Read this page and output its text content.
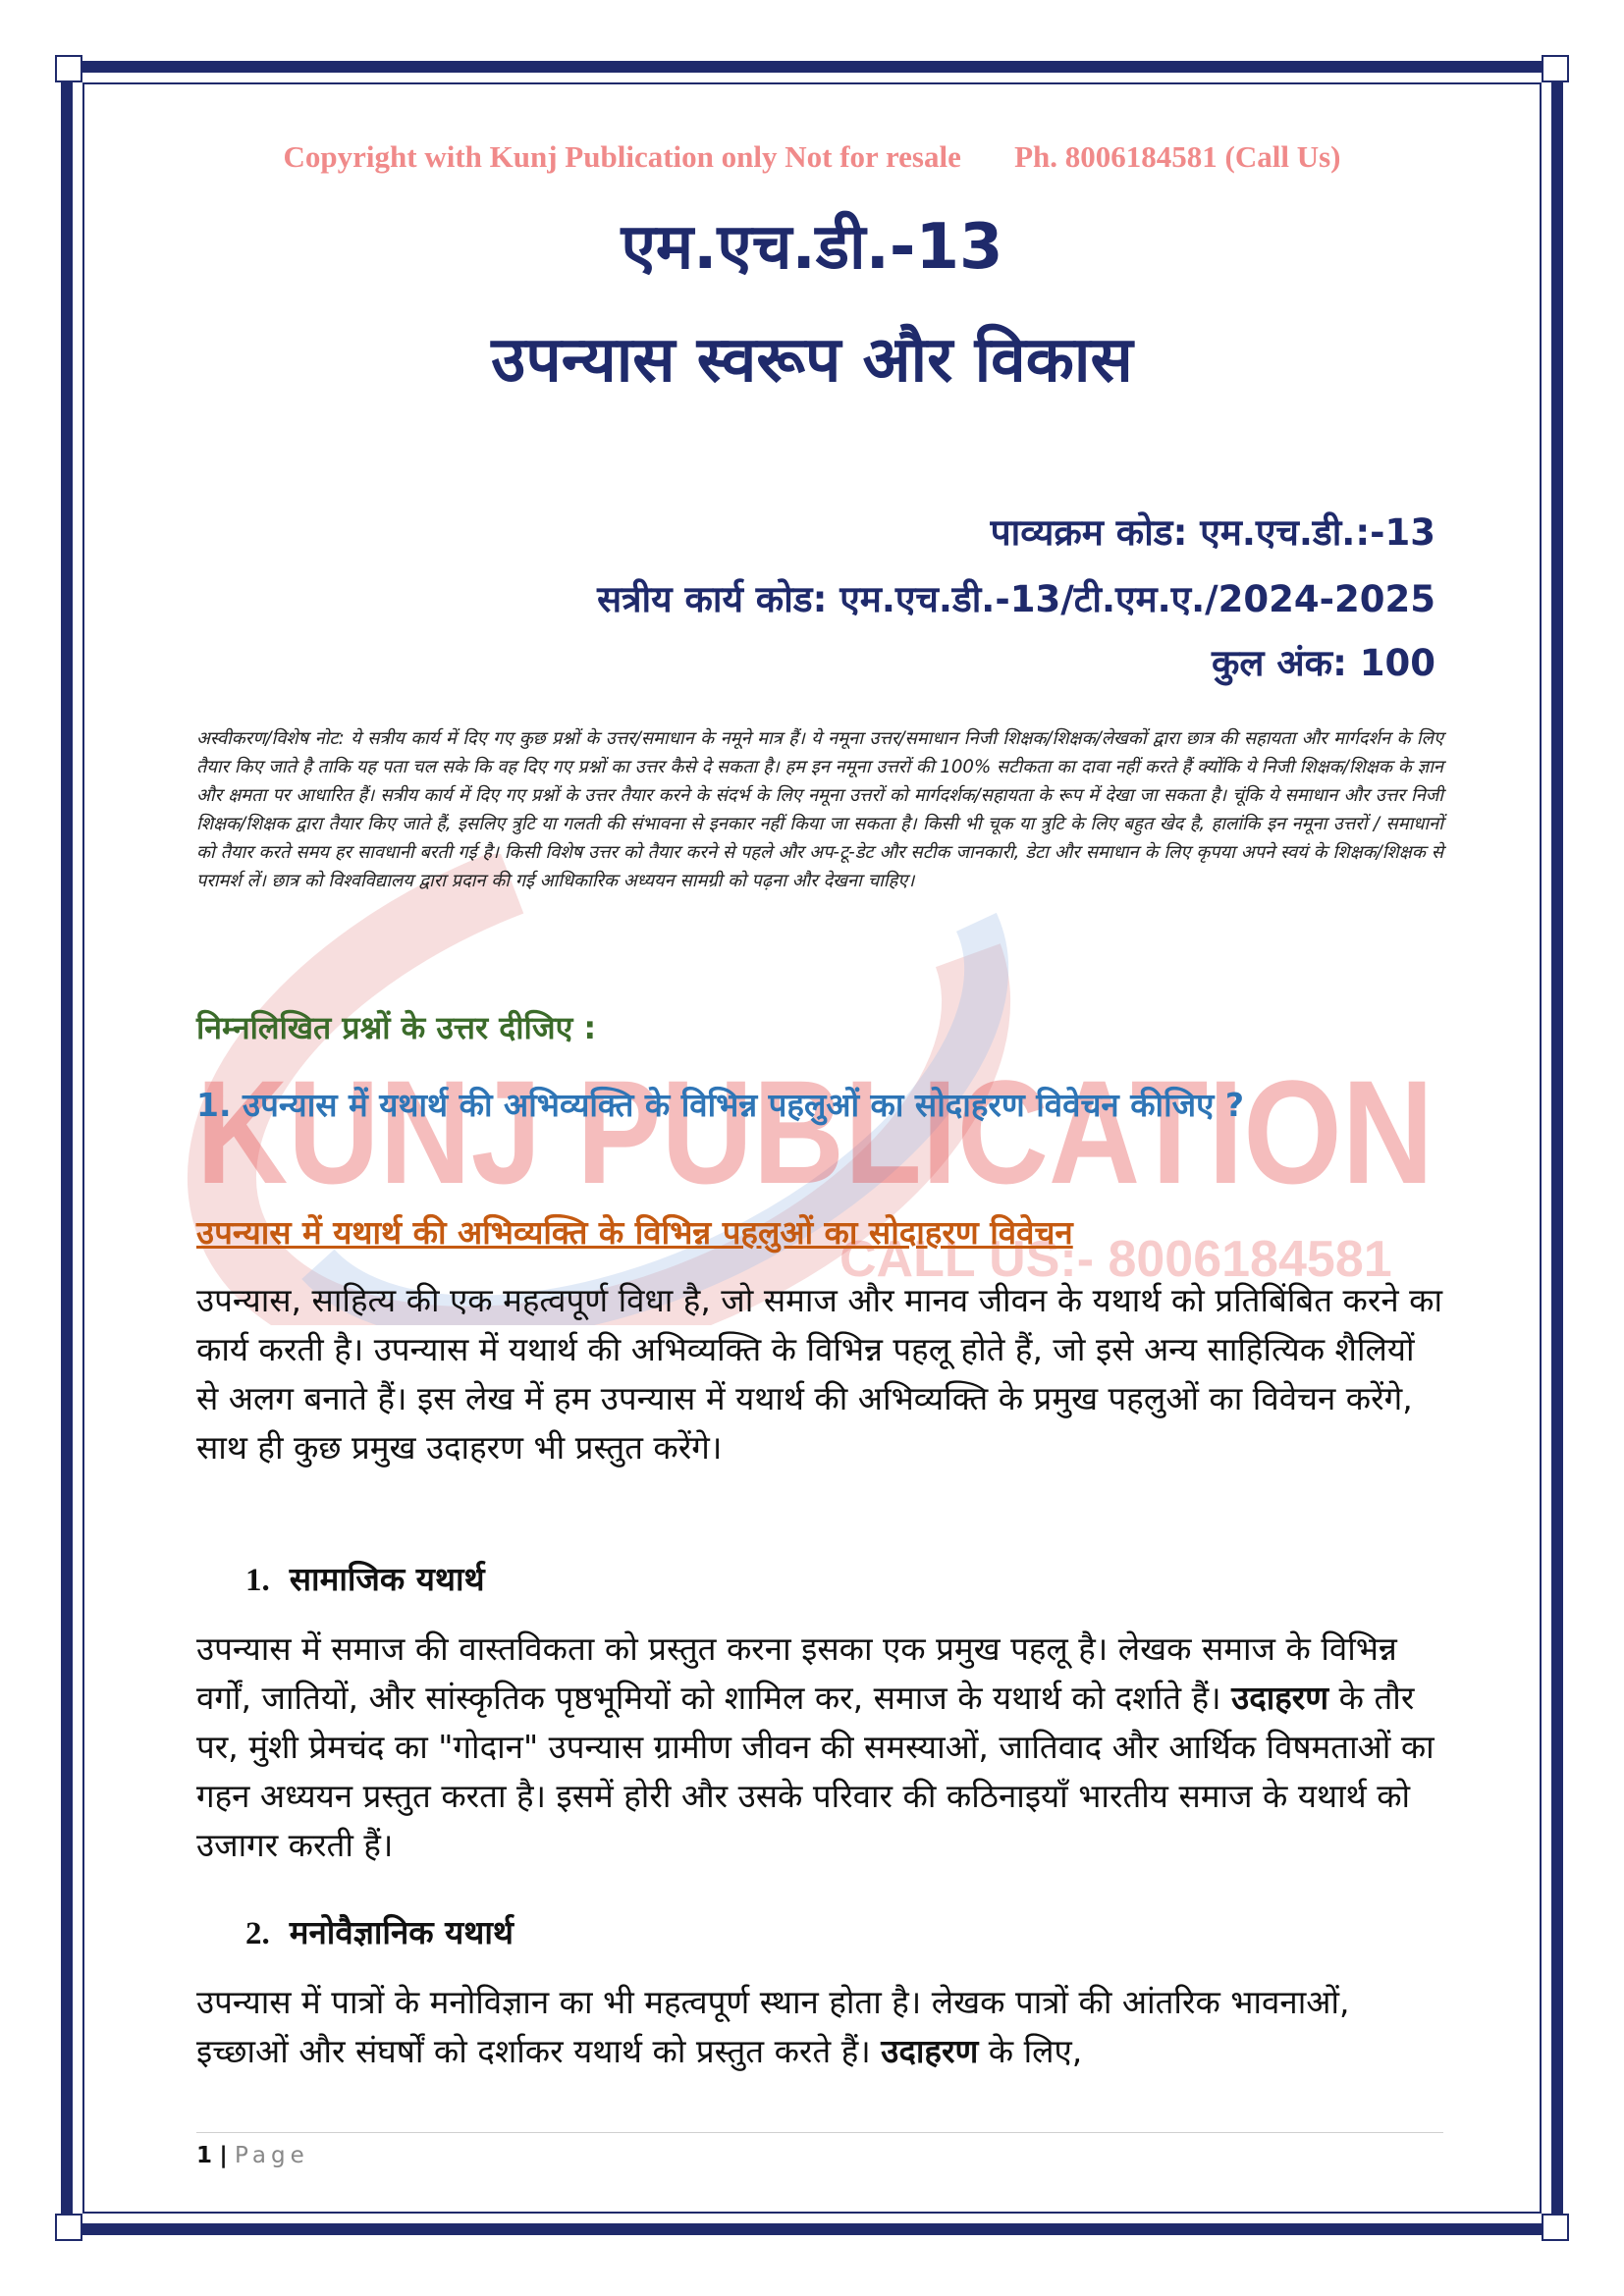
KUNJ PUBLICATION
CALL US:- 8006184581
Copyright with Kunj Publication only Not for resale       Ph. 8006184581 (Call Us)
एम.एच.डी.-13
उपन्यास स्वरूप और विकास
पाव्यक्रम कोड: एम.एच.डी.:-13
सत्रीय कार्य कोड: एम.एच.डी.-13/टी.एम.ए./2024-2025
कुल अंक: 100
अस्वीकरण/विशेष नोट: ये सत्रीय कार्य में दिए गए कुछ प्रश्नों के उत्तर/समाधान के नमूने मात्र हैं। ये नमूना उत्तर/समाधान निजी शिक्षक/शिक्षक/लेखकों द्वारा छात्र की सहायता और मार्गदर्शन के लिए तैयार किए जाते है ताकि यह पता चल सके कि वह दिए गए प्रश्नों का उत्तर कैसे दे सकता है। हम इन नमूना उत्तरों की 100% सटीकता का दावा नहीं करते हैं क्योंकि ये निजी शिक्षक/शिक्षक के ज्ञान और क्षमता पर आधारित हैं। सत्रीय कार्य में दिए गए प्रश्नों के उत्तर तैयार करने के संदर्भ के लिए नमूना उत्तरों को मार्गदर्शक/सहायता के रूप में देखा जा सकता है। चूंकि ये समाधान और उत्तर निजी शिक्षक/शिक्षक द्वारा तैयार किए जाते हैं, इसलिए त्रुटि या गलती की संभावना से इनकार नहीं किया जा सकता है। किसी भी चूक या त्रुटि के लिए बहुत खेद है, हालांकि इन नमूना उत्तरों / समाधानों को तैयार करते समय हर सावधानी बरती गई है। किसी विशेष उत्तर को तैयार करने से पहले और अप-टू-डेट और सटीक जानकारी, डेटा और समाधान के लिए कृपया अपने स्वयं के शिक्षक/शिक्षक से परामर्श लें। छात्र को विश्वविद्यालय द्वारा प्रदान की गई आधिकारिक अध्ययन सामग्री को पढ़ना और देखना चाहिए।
निम्नलिखित प्रश्नों के उत्तर दीजिए :
1. उपन्यास में यथार्थ की अभिव्यक्ति के विभिन्न पहलुओं का सोदाहरण विवेचन कीजिए ?
उपन्यास में यथार्थ की अभिव्यक्ति के विभिन्न पहलुओं का सोदाहरण विवेचन
उपन्यास, साहित्य की एक महत्वपूर्ण विधा है, जो समाज और मानव जीवन के यथार्थ को प्रतिबिंबित करने का कार्य करती है। उपन्यास में यथार्थ की अभिव्यक्ति के विभिन्न पहलू होते हैं, जो इसे अन्य साहित्यिक शैलियों से अलग बनाते हैं। इस लेख में हम उपन्यास में यथार्थ की अभिव्यक्ति के प्रमुख पहलुओं का विवेचन करेंगे, साथ ही कुछ प्रमुख उदाहरण भी प्रस्तुत करेंगे।
1. सामाजिक यथार्थ
उपन्यास में समाज की वास्तविकता को प्रस्तुत करना इसका एक प्रमुख पहलू है। लेखक समाज के विभिन्न वर्गों, जातियों, और सांस्कृतिक पृष्ठभूमियों को शामिल कर, समाज के यथार्थ को दर्शाते हैं। उदाहरण के तौर पर, मुंशी प्रेमचंद का "गोदान" उपन्यास ग्रामीण जीवन की समस्याओं, जातिवाद और आर्थिक विषमताओं का गहन अध्ययन प्रस्तुत करता है। इसमें होरी और उसके परिवार की कठिनाइयाँ भारतीय समाज के यथार्थ को उजागर करती हैं।
2. मनोवैज्ञानिक यथार्थ
उपन्यास में पात्रों के मनोविज्ञान का भी महत्वपूर्ण स्थान होता है। लेखक पात्रों की आंतरिक भावनाओं, इच्छाओं और संघर्षों को दर्शाकर यथार्थ को प्रस्तुत करते हैं। उदाहरण के लिए,
1 | Page
